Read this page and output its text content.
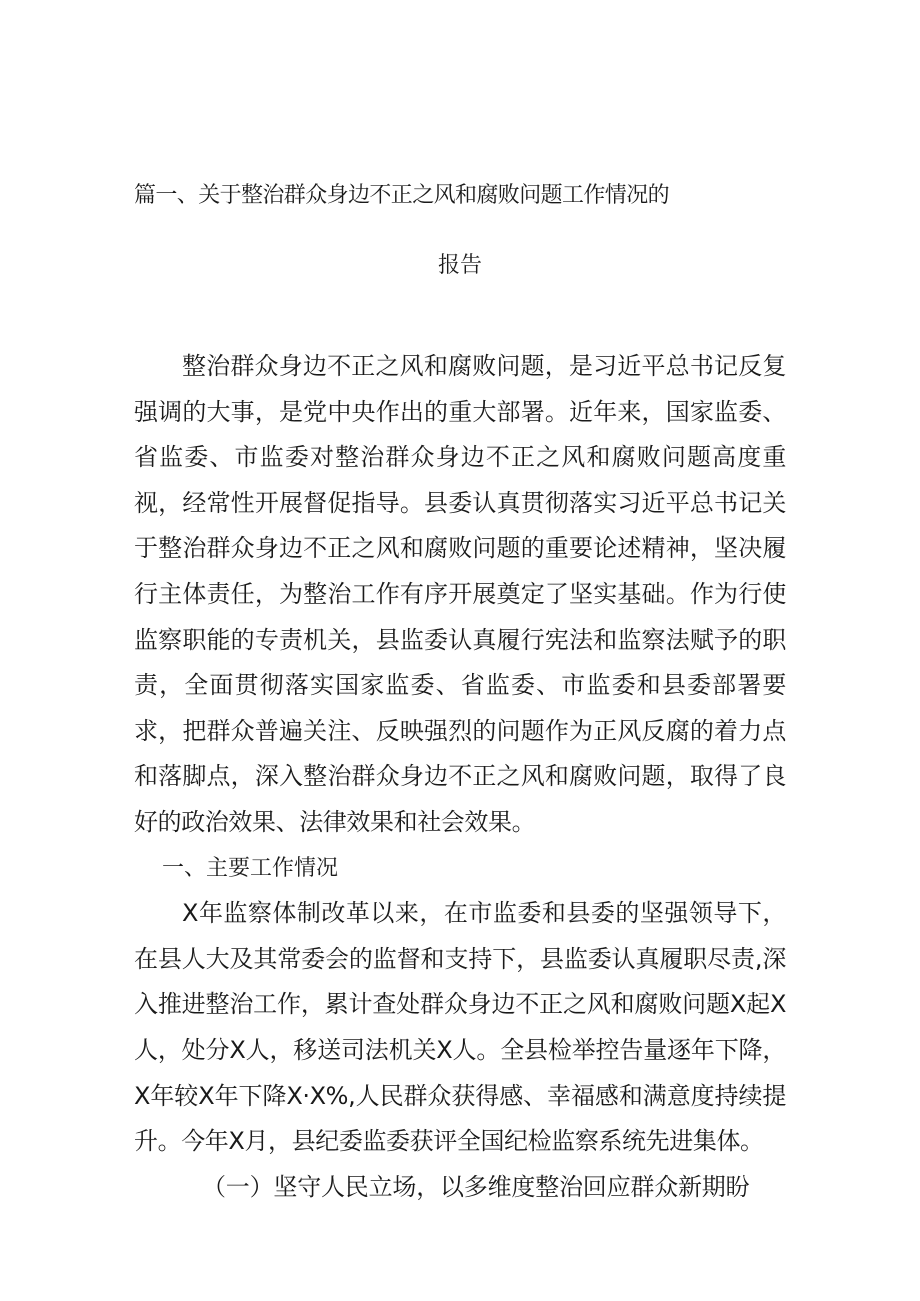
篇一、关于整治群众身边不正之风和腐败问题工作情况的
报告

整治群众身边不正之风和腐败问题，是习近平总书记反复强调的大事，是党中央作出的重大部署。近年来，国家监委、省监委、市监委对整治群众身边不正之风和腐败问题高度重视，经常性开展督促指导。县委认真贯彻落实习近平总书记关于整治群众身边不正之风和腐败问题的重要论述精神，坚决履行主体责任，为整治工作有序开展奠定了坚实基础。作为行使监察职能的专责机关，县监委认真履行宪法和监察法赋予的职责，全面贯彻落实国家监委、省监委、市监委和县委部署要求，把群众普遍关注、反映强烈的问题作为正风反腐的着力点和落脚点，深入整治群众身边不正之风和腐败问题，取得了良好的政治效果、法律效果和社会效果。

一、主要工作情况

X年监察体制改革以来，在市监委和县委的坚强领导下，在县人大及其常委会的监督和支持下，县监委认真履职尽责,深入推进整治工作，累计查处群众身边不正之风和腐败问题X起X人，处分X人，移送司法机关X人。全县检举控告量逐年下降，X年较X年下降X·X%,人民群众获得感、幸福感和满意度持续提升。今年X月，县纪委监委获评全国纪检监察系统先进集体。

（一）坚守人民立场，以多维度整治回应群众新期盼
